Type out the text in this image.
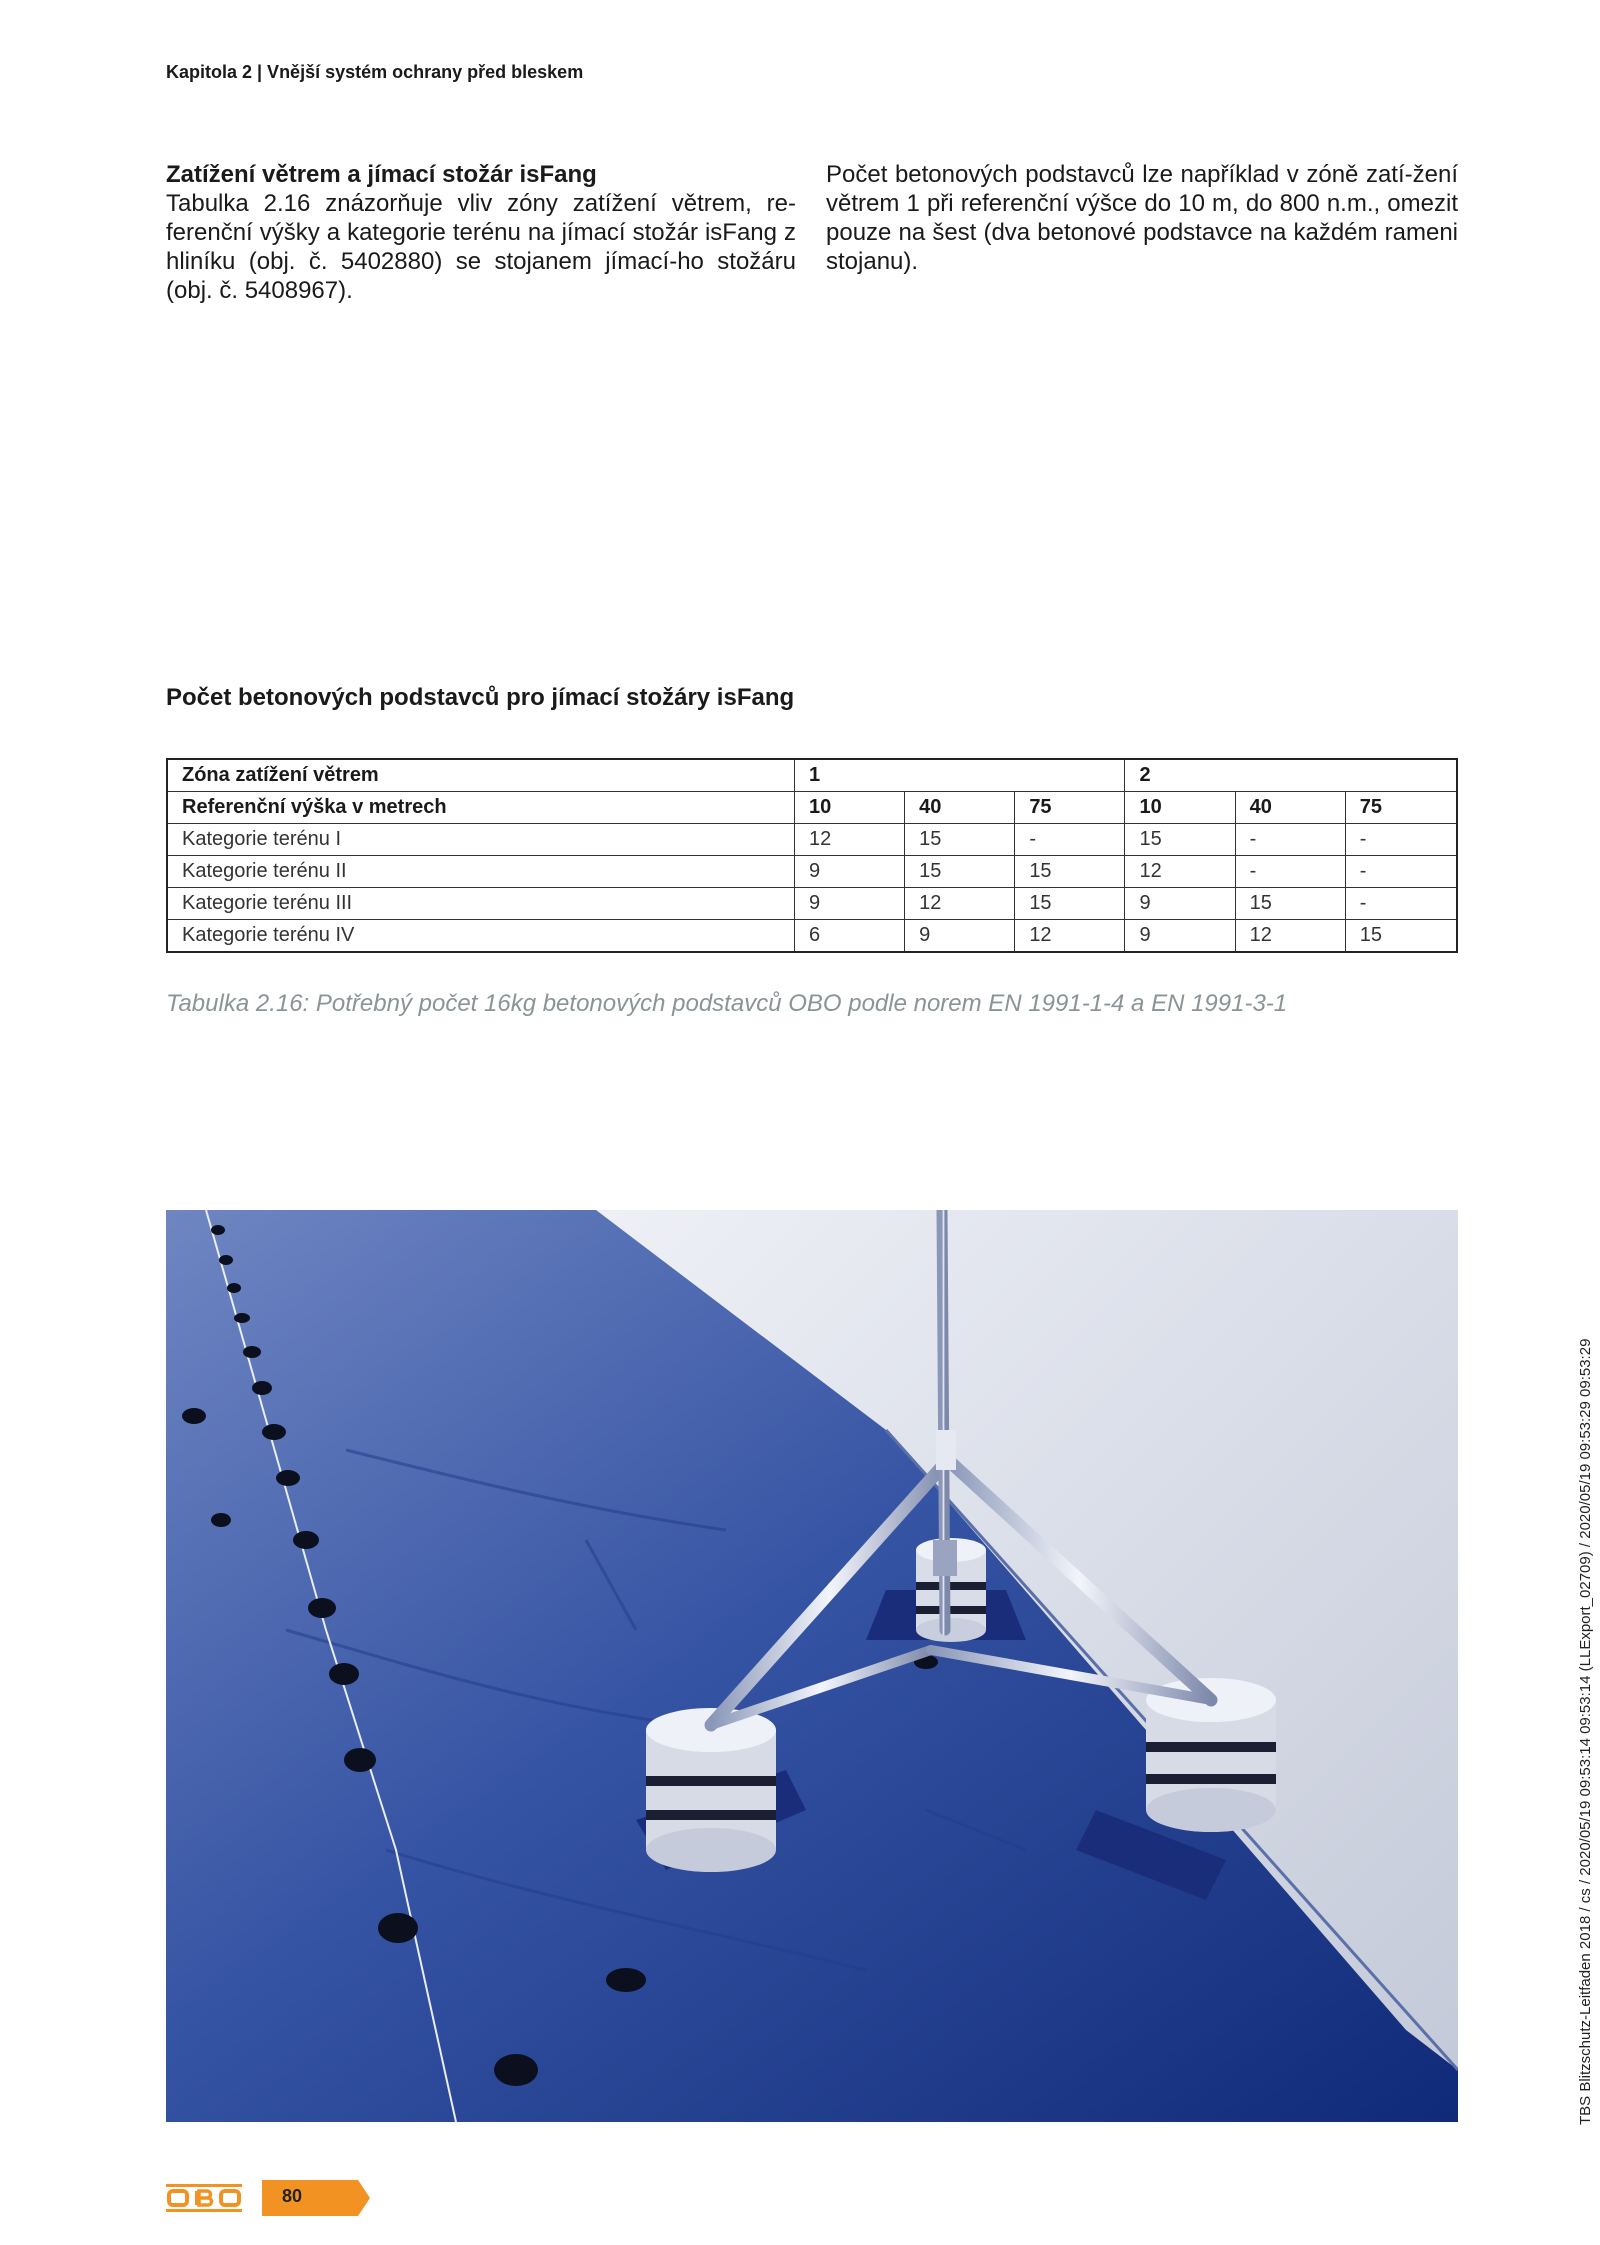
Kapitola 2 | Vnější systém ochrany před bleskem
Zatížení větrem a jímací stožár isFang

Tabulka 2.16 znázorňuje vliv zóny zatížení větrem, re-ferenční výšky a kategorie terénu na jímací stožár isFang z hliníku (obj. č. 5402880) se stojanem jímací-ho stožáru (obj. č. 5408967).

Počet betonových podstavců lze například v zóně zatí-žení větrem 1 při referenční výšce do 10 m, do 800 n.m., omezit pouze na šest (dva betonové podstavce na každém rameni stojanu).

Počet betonových podstavců pro jímací stožáry isFang
Zóna zatížení větrem	1			2		
Referenční výška v metrech	10	40	75	10	40	75
Kategorie terénu I	12	15	-	15	-	-
Kategorie terénu II	9	15	15	12	-	-
Kategorie terénu III	9	12	15	9	15	-
Kategorie terénu IV	6	9	12	9	12	15
Tabulka 2.16: Potřebný počet 16kg betonových podstavců OBO podle norem EN 1991-1-4 a EN 1991-3-1
TBS Blitzschutz-Leitfaden 2018 / cs / 2020/05/19 09:53:14 09:53:14 (LLExport_02709) / 2020/05/19 09:53:29 09:53:29
80
